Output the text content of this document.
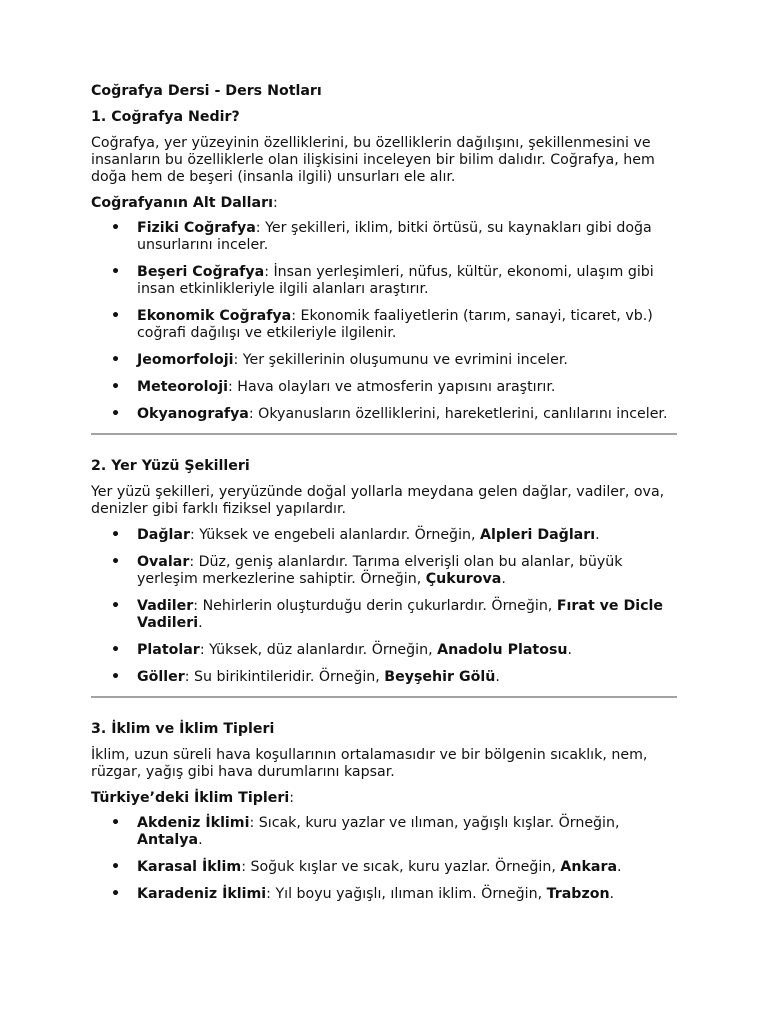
Coğrafya Dersi - Ders Notları
1. Coğrafya Nedir?
Coğrafya, yer yüzeyinin özelliklerini, bu özelliklerin dağılışını, şekillenmesini ve insanların bu özelliklerle olan ilişkisini inceleyen bir bilim dalıdır. Coğrafya, hem doğa hem de beşeri (insanla ilgili) unsurları ele alır.
Coğrafyanın Alt Dalları:
• Fiziki Coğrafya: Yer şekilleri, iklim, bitki örtüsü, su kaynakları gibi doğa unsurlarını inceler.
• Beşeri Coğrafya: İnsan yerleşimleri, nüfus, kültür, ekonomi, ulaşım gibi insan etkinlikleriyle ilgili alanları araştırır.
• Ekonomik Coğrafya: Ekonomik faaliyetlerin (tarım, sanayi, ticaret, vb.) coğrafi dağılışı ve etkileriyle ilgilenir.
• Jeomorfoloji: Yer şekillerinin oluşumunu ve evrimini inceler.
• Meteoroloji: Hava olayları ve atmosferin yapısını araştırır.
• Okyanografya: Okyanusların özelliklerini, hareketlerini, canlılarını inceler.
2. Yer Yüzü Şekilleri
Yer yüzü şekilleri, yeryüzünde doğal yollarla meydana gelen dağlar, vadiler, ova, denizler gibi farklı fiziksel yapılardır.
• Dağlar: Yüksek ve engebeli alanlardır. Örneğin, Alpleri Dağları.
• Ovalar: Düz, geniş alanlardır. Tarıma elverişli olan bu alanlar, büyük yerleşim merkezlerine sahiptir. Örneğin, Çukurova.
• Vadiler: Nehirlerin oluşturduğu derin çukurlardır. Örneğin, Fırat ve Dicle Vadileri.
• Platolar: Yüksek, düz alanlardır. Örneğin, Anadolu Platosu.
• Göller: Su birikintileridir. Örneğin, Beyşehir Gölü.
3. İklim ve İklim Tipleri
İklim, uzun süreli hava koşullarının ortalamasıdır ve bir bölgenin sıcaklık, nem, rüzgar, yağış gibi hava durumlarını kapsar.
Türkiye’deki İklim Tipleri:
• Akdeniz İklimi: Sıcak, kuru yazlar ve ılıman, yağışlı kışlar. Örneğin, Antalya.
• Karasal İklim: Soğuk kışlar ve sıcak, kuru yazlar. Örneğin, Ankara.
• Karadeniz İklimi: Yıl boyu yağışlı, ılıman iklim. Örneğin, Trabzon.
